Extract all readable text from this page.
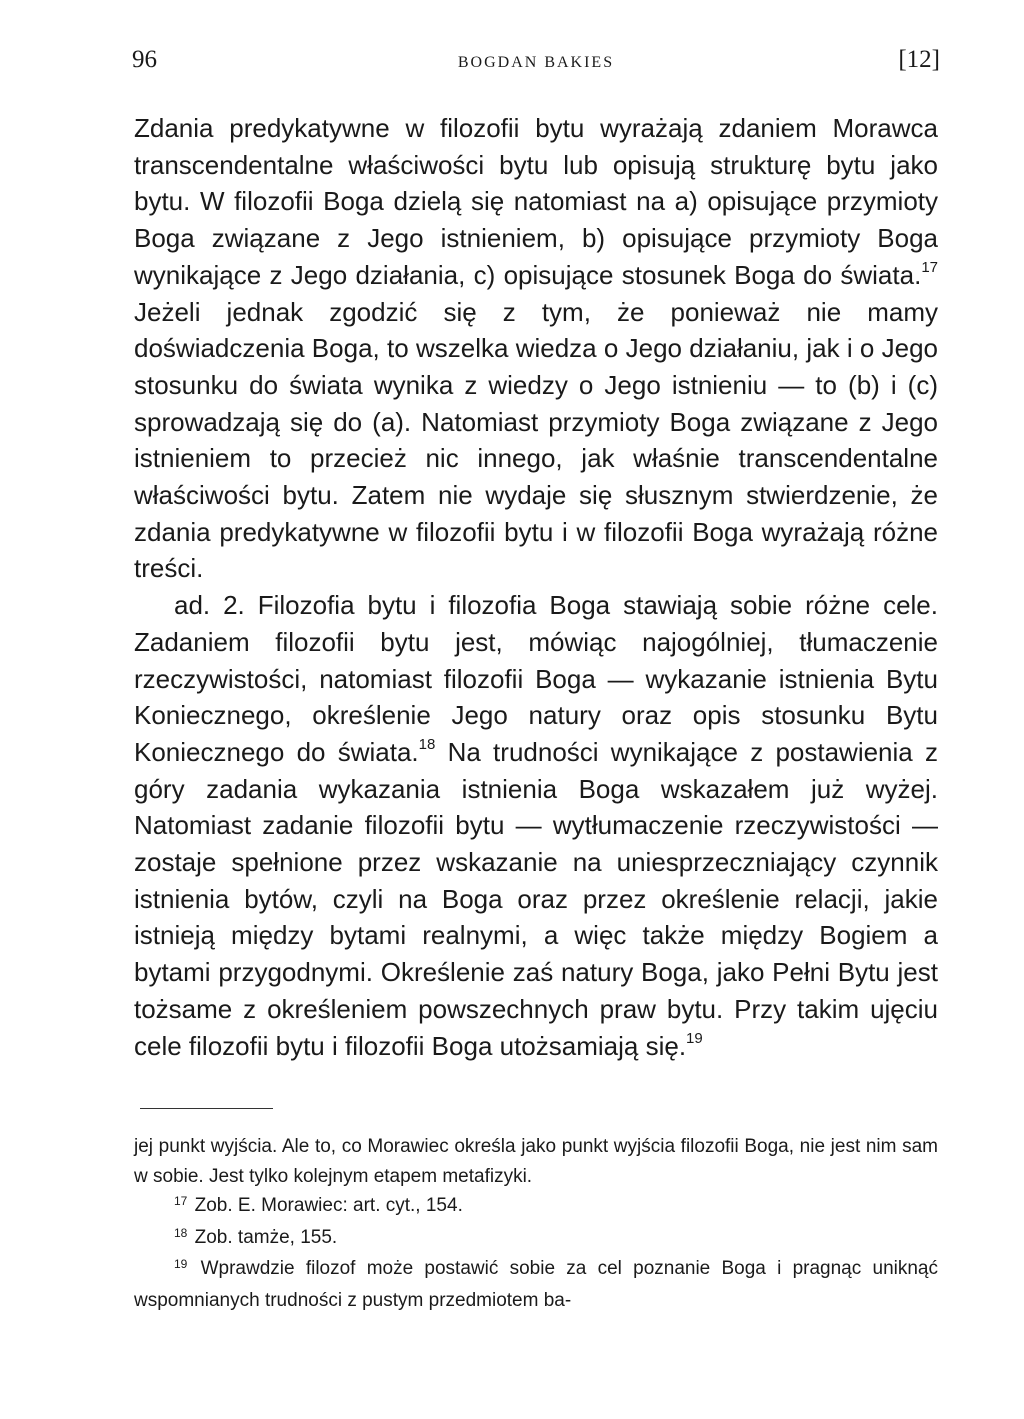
96	BOGDAN BAKIES	[12]

Zdania predykatywne w filozofii bytu wyrażają zdaniem Morawca transcendentalne właściwości bytu lub opisują strukturę bytu jako bytu. W filozofii Boga dzielą się natomiast na a) opisujące przymioty Boga związane z Jego istnieniem, b) opisujące przymioty Boga wynikające z Jego działania, c) opisujące stosunek Boga do świata.$^{17}$ Jeżeli jednak zgodzić się z tym, że ponieważ nie mamy doświadczenia Boga, to wszelka wiedza o Jego działaniu, jak i o Jego stosunku do świata wynika z wiedzy o Jego istnieniu — to (b) i (c) sprowadzają się do (a). Natomiast przymioty Boga związane z Jego istnieniem to przecież nic innego, jak właśnie transcendentalne właściwości bytu. Zatem nie wydaje się słusznym stwierdzenie, że zdania predykatywne w filozofii bytu i w filozofii Boga wyrażają różne treści.

ad. 2. Filozofia bytu i filozofia Boga stawiają sobie różne cele. Zadaniem filozofii bytu jest, mówiąc najogólniej, tłumaczenie rzeczywistości, natomiast filozofii Boga — wykazanie istnienia Bytu Koniecznego, określenie Jego natury oraz opis stosunku Bytu Koniecznego do świata.$^{18}$ Na trudności wynikające z postawienia z góry zadania wykazania istnienia Boga wskazałem już wyżej. Natomiast zadanie filozofii bytu — wytłumaczenie rzeczywistości — zostaje spełnione przez wskazanie na uniesprzeczniający czynnik istnienia bytów, czyli na Boga oraz przez określenie relacji, jakie istnieją między bytami realnymi, a więc także między Bogiem a bytami przygodnymi. Określenie zaś natury Boga, jako Pełni Bytu jest tożsame z określeniem powszechnych praw bytu. Przy takim ujęciu cele filozofii bytu i filozofii Boga utożsamiają się.$^{19}$

jej punkt wyjścia. Ale to, co Morawiec określa jako punkt wyjścia filozofii Boga, nie jest nim sam w sobie. Jest tylko kolejnym etapem metafizyki.

$^{17}$ Zob. E. Morawiec: art. cyt., 154.

$^{18}$ Zob. tamże, 155.

$^{19}$ Wprawdzie filozof może postawić sobie za cel poznanie Boga i pragnąc uniknąć wspomnianych trudności z pustym przedmiotem ba-
